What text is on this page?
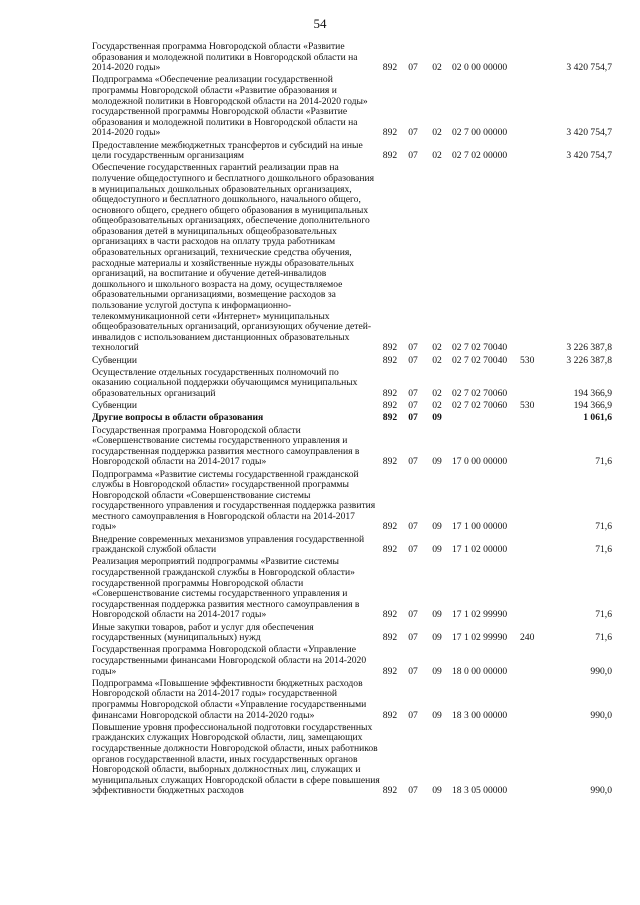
54
Государственная программа Новгородской области «Развитие образования и молодежной политики в Новгородской области на 2014-2020 годы»	892	07	02	02 0 00 00000		3 420 754,7
Подпрограмма «Обеспечение реализации государственной программы Новгородской области «Развитие образования и молодежной политики в Новгородской области на 2014-2020 годы» государственной программы Новгородской области «Развитие образования и молодежной политики в Новгородской области на 2014-2020 годы»	892	07	02	02 7 00 00000		3 420 754,7
Предоставление межбюджетных трансфертов и субсидий на иные цели государственным организациям	892	07	02	02 7 02 00000		3 420 754,7
Обеспечение государственных гарантий реализации прав на получение общедоступного и бесплатного дошкольного образования в муниципальных дошкольных образовательных организациях, общедоступного и бесплатного дошкольного, начального общего, основного общего, среднего общего образования в муниципальных общеобразовательных организациях, обеспечение дополнительного образования детей в муниципальных общеобразовательных организациях в части расходов на оплату труда работникам образовательных организаций, технические средства обучения, расходные материалы и хозяйственные нужды образовательных организаций, на воспитание и обучение детей-инвалидов дошкольного и школьного возраста на дому, осуществляемое образовательными организациями, возмещение расходов за пользование услугой доступа к информационно-телекоммуникационной сети «Интернет» муниципальных общеобразовательных организаций, организующих обучение детей-инвалидов с использованием дистанционных образовательных технологий	892	07	02	02 7 02 70040		3 226 387,8
Субвенции	892	07	02	02 7 02 70040	530	3 226 387,8
Осуществление отдельных государственных полномочий по оказанию социальной поддержки обучающимся муниципальных образовательных организаций	892	07	02	02 7 02 70060		194 366,9
Субвенции	892	07	02	02 7 02 70060	530	194 366,9
Другие вопросы в области образования	892	07	09			1 061,6
Государственная программа Новгородской области «Совершенствование системы государственного управления и государственная поддержка развития местного самоуправления в Новгородской области на 2014-2017 годы»	892	07	09	17 0 00 00000		71,6
Подпрограмма «Развитие системы государственной гражданской службы в Новгородской области» государственной программы Новгородской области «Совершенствование системы государственного управления и государственная поддержка развития местного самоуправления в Новгородской области на 2014-2017 годы»	892	07	09	17 1 00 00000		71,6
Внедрение современных механизмов управления государственной гражданской службой области	892	07	09	17 1 02 00000		71,6
Реализация мероприятий подпрограммы «Развитие системы государственной гражданской службы в Новгородской области» государственной программы Новгородской области «Совершенствование системы государственного управления и государственная поддержка развития местного самоуправления в Новгородской области на 2014-2017 годы»	892	07	09	17 1 02 99990		71,6
Иные закупки товаров, работ и услуг для обеспечения государственных (муниципальных) нужд	892	07	09	17 1 02 99990	240	71,6
Государственная программа Новгородской области «Управление государственными финансами Новгородской области на 2014-2020 годы»	892	07	09	18 0 00 00000		990,0
Подпрограмма «Повышение эффективности бюджетных расходов Новгородской области на 2014-2017 годы» государственной программы Новгородской области «Управление государственными финансами Новгородской области на 2014-2020 годы»	892	07	09	18 3 00 00000		990,0
Повышение уровня профессиональной подготовки государственных гражданских служащих Новгородской области, лиц, замещающих государственные должности Новгородской области, иных работников органов государственной власти, иных государственных органов Новгородской области, выборных должностных лиц, служащих и муниципальных служащих Новгородской области в сфере повышения эффективности бюджетных расходов	892	07	09	18 3 05 00000		990,0
